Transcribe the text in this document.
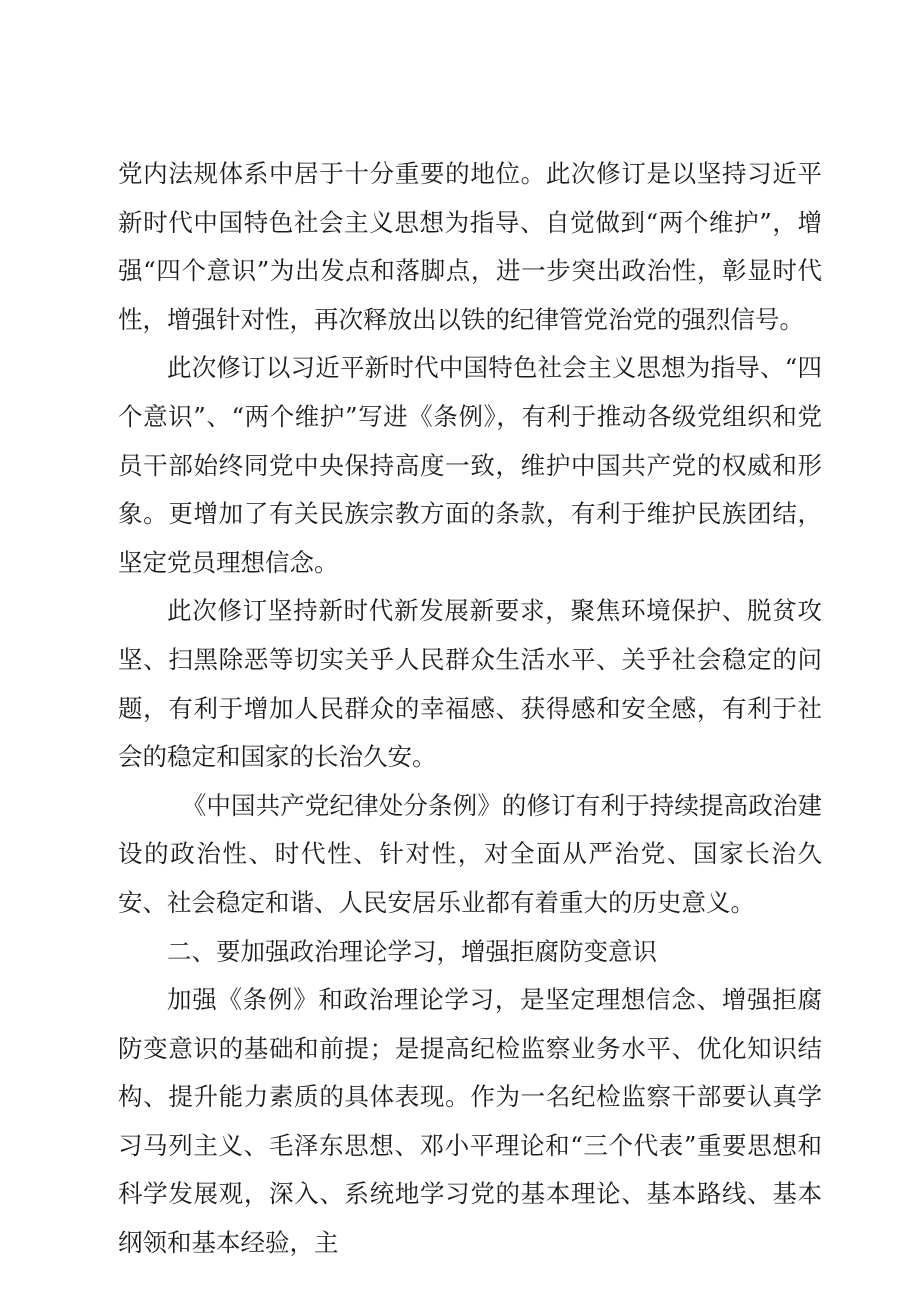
党内法规体系中居于十分重要的地位。此次修订是以坚持习近平新时代中国特色社会主义思想为指导、自觉做到“两个维护”，增强“四个意识”为出发点和落脚点，进一步突出政治性，彰显时代性，增强针对性，再次释放出以铁的纪律管党治党的强烈信号。

此次修订以习近平新时代中国特色社会主义思想为指导、“四个意识”、“两个维护”写进《条例》，有利于推动各级党组织和党员干部始终同党中央保持高度一致，维护中国共产党的权威和形象。更增加了有关民族宗教方面的条款，有利于维护民族团结，坚定党员理想信念。

此次修订坚持新时代新发展新要求，聚焦环境保护、脱贫攻坚、扫黑除恶等切实关乎人民群众生活水平、关乎社会稳定的问题，有利于增加人民群众的幸福感、获得感和安全感，有利于社会的稳定和国家的长治久安。

《中国共产党纪律处分条例》的修订有利于持续提高政治建设的政治性、时代性、针对性，对全面从严治党、国家长治久安、社会稳定和谐、人民安居乐业都有着重大的历史意义。

二、要加强政治理论学习，增强拒腐防变意识

加强《条例》和政治理论学习，是坚定理想信念、增强拒腐防变意识的基础和前提；是提高纪检监察业务水平、优化知识结构、提升能力素质的具体表现。作为一名纪检监察干部要认真学习马列主义、毛泽东思想、邓小平理论和“三个代表”重要思想和科学发展观，深入、系统地学习党的基本理论、基本路线、基本纲领和基本经验，主
